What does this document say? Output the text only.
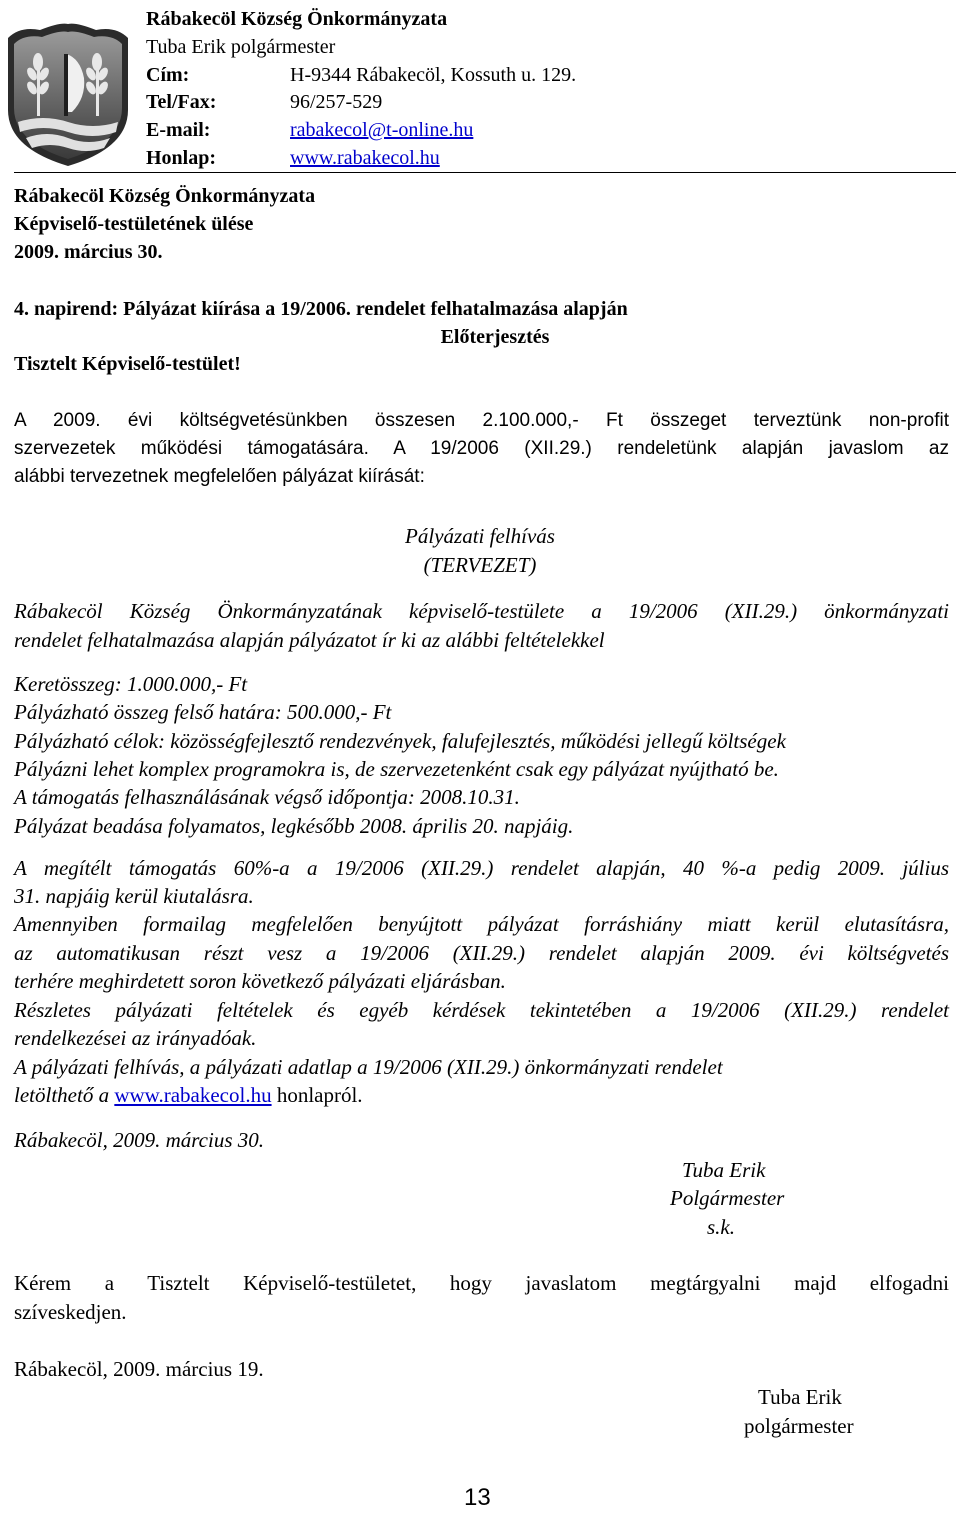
Rábakecöl Község Önkormányzata
Tuba Erik polgármester
Cím:	H-9344 Rábakecöl, Kossuth u. 129.
Tel/Fax:	96/257-529
E-mail:	rabakecol@t-online.hu
Honlap:	www.rabakecol.hu
Rábakecöl Község Önkormányzata
Képviselő-testületének ülése
2009. március 30.
4. napirend: Pályázat kiírása a 19/2006. rendelet felhatalmazása alapján
Előterjesztés
Tisztelt Képviselő-testület!
A 2009. évi költségvetésünkben összesen 2.100.000,- Ft összeget terveztünk non-profit
szervezetek működési támogatására. A 19/2006 (XII.29.) rendeletünk alapján javaslom az
alábbi tervezetnek megfelelően pályázat kiírását:
Pályázati felhívás
(TERVEZET)
Rábakecöl Község Önkormányzatának képviselő-testülete a 19/2006 (XII.29.) önkormányzati
rendelet felhatalmazása alapján pályázatot ír ki az alábbi feltételekkel
Keretösszeg: 1.000.000,- Ft
Pályázható összeg felső határa: 500.000,- Ft
Pályázható célok: közösségfejlesztő rendezvények, falufejlesztés, működési jellegű költségek
Pályázni lehet komplex programokra is, de szervezetenként csak egy pályázat nyújtható be.
A támogatás felhasználásának végső időpontja: 2008.10.31.
Pályázat beadása folyamatos, legkésőbb 2008. április 20. napjáig.
A megítélt támogatás 60%-a a 19/2006 (XII.29.) rendelet alapján, 40 %-a pedig 2009. július
31. napjáig kerül kiutalásra.
Amennyiben formailag megfelelően benyújtott pályázat forráshiány miatt kerül elutasításra,
az automatikusan részt vesz a 19/2006 (XII.29.) rendelet alapján 2009. évi költségvetés
terhére meghirdetett soron következő pályázati eljárásban.
Részletes pályázati feltételek és egyéb kérdések tekintetében a 19/2006 (XII.29.) rendelet
rendelkezései az irányadóak.
A pályázati felhívás, a pályázati adatlap a 19/2006 (XII.29.) önkormányzati rendelet
letölthető a www.rabakecol.hu honlapról.
Rábakecöl, 2009. március 30.
Tuba Erik
Polgármester
s.k.
Kérem a Tisztelt Képviselő-testületet, hogy javaslatom megtárgyalni majd elfogadni
szíveskedjen.
Rábakecöl, 2009. március 19.
Tuba Erik
polgármester
13
